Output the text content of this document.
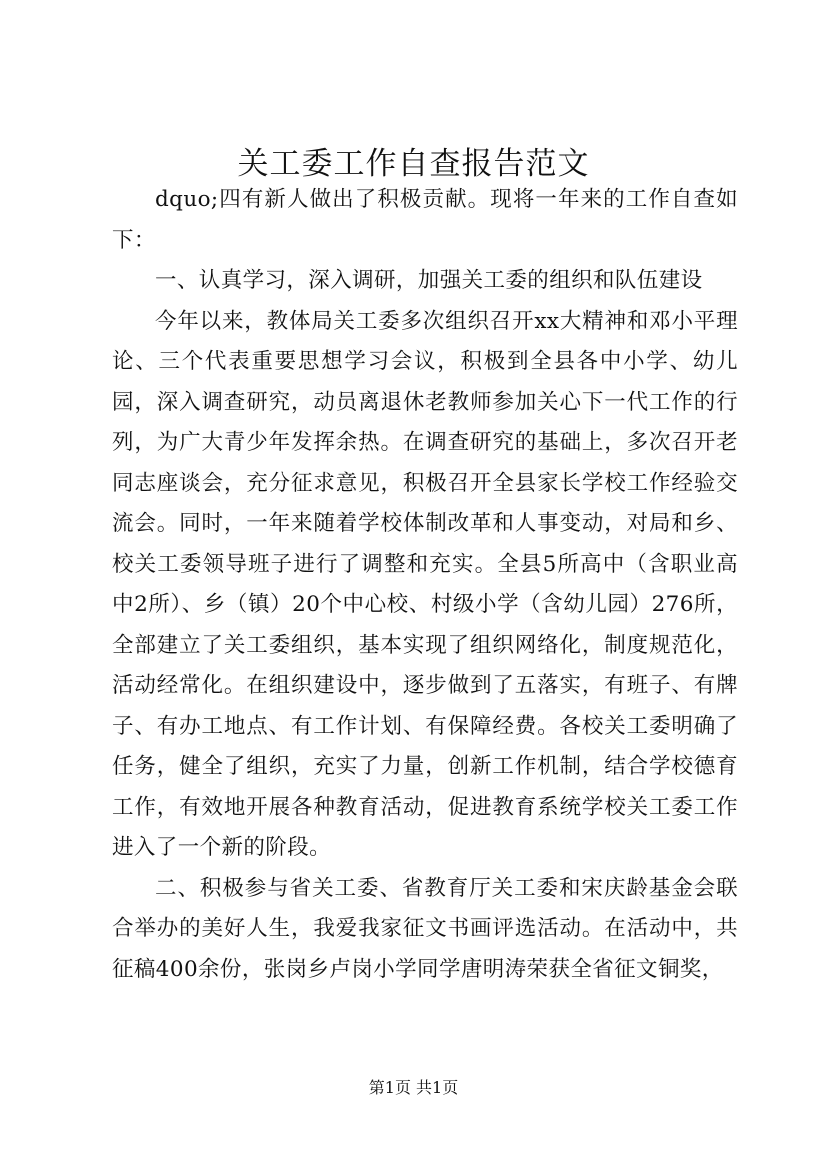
关工委工作自查报告范文

dquo;四有新人做出了积极贡献。现将一年来的工作自查如下：

一、认真学习，深入调研，加强关工委的组织和队伍建设

今年以来，教体局关工委多次组织召开xx大精神和邓小平理论、三个代表重要思想学习会议，积极到全县各中小学、幼儿园，深入调查研究，动员离退休老教师参加关心下一代工作的行列，为广大青少年发挥余热。在调查研究的基础上，多次召开老同志座谈会，充分征求意见，积极召开全县家长学校工作经验交流会。同时，一年来随着学校体制改革和人事变动，对局和乡、校关工委领导班子进行了调整和充实。全县5所高中（含职业高中2所）、乡（镇）20个中心校、村级小学（含幼儿园）276所，全部建立了关工委组织，基本实现了组织网络化，制度规范化，活动经常化。在组织建设中，逐步做到了五落实，有班子、有牌子、有办工地点、有工作计划、有保障经费。各校关工委明确了任务，健全了组织，充实了力量，创新工作机制，结合学校德育工作，有效地开展各种教育活动，促进教育系统学校关工委工作进入了一个新的阶段。

二、积极参与省关工委、省教育厅关工委和宋庆龄基金会联合举办的美好人生，我爱我家征文书画评选活动。在活动中，共征稿400余份，张岗乡卢岗小学同学唐明涛荣获全省征文铜奖，

第1页 共1页
